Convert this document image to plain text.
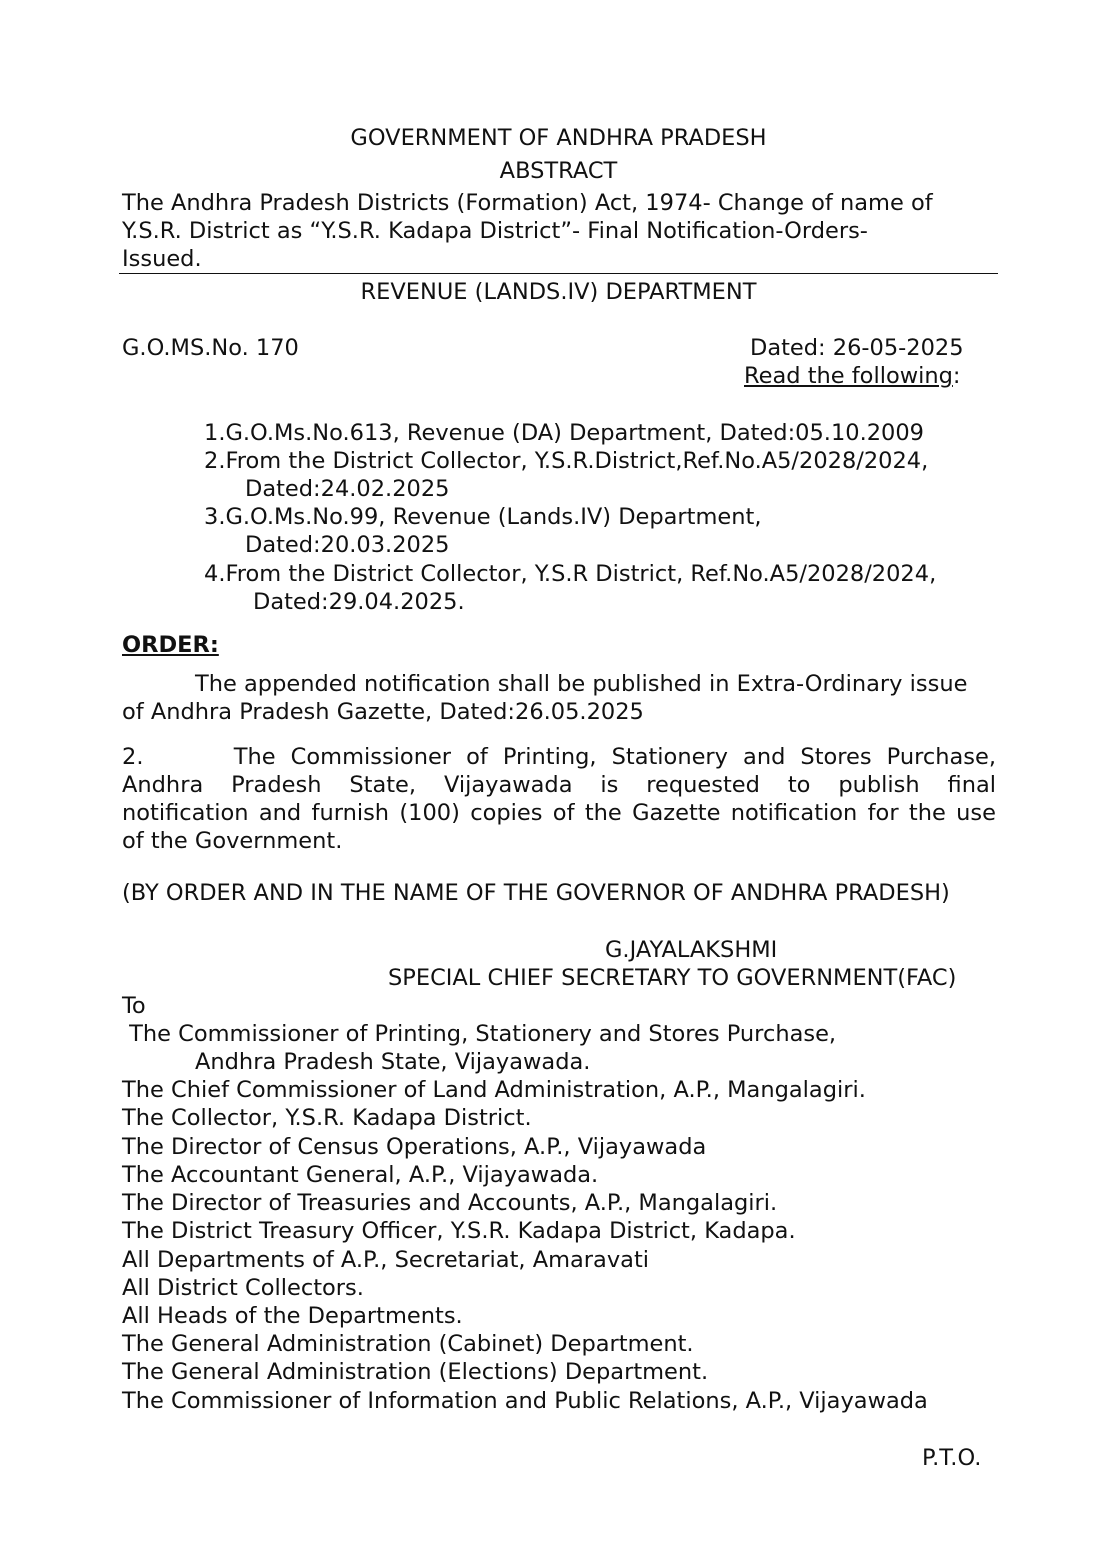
GOVERNMENT OF ANDHRA PRADESH
ABSTRACT
The Andhra Pradesh Districts (Formation) Act, 1974- Change of name of
Y.S.R. District as “Y.S.R. Kadapa District”- Final Notification-Orders-
Issued.
REVENUE (LANDS.IV) DEPARTMENT
G.O.MS.No. 170	Dated: 26-05-2025
Read the following:
1.G.O.Ms.No.613, Revenue (DA) Department, Dated:05.10.2009
2.From the District Collector, Y.S.R.District,Ref.No.A5/2028/2024,
Dated:24.02.2025
3.G.O.Ms.No.99, Revenue (Lands.IV) Department,
Dated:20.03.2025
4.From the District Collector, Y.S.R District, Ref.No.A5/2028/2024,
Dated:29.04.2025.
ORDER:
The appended notification shall be published in Extra-Ordinary issue
of Andhra Pradesh Gazette, Dated:26.05.2025
2.      The Commissioner of Printing, Stationery and Stores Purchase,
Andhra Pradesh State, Vijayawada is requested to publish final
notification and furnish (100) copies of the Gazette notification for the use
of the Government.
(BY ORDER AND IN THE NAME OF THE GOVERNOR OF ANDHRA PRADESH)
G.JAYALAKSHMI
SPECIAL CHIEF SECRETARY TO GOVERNMENT(FAC)
To
The Commissioner of Printing, Stationery and Stores Purchase,
Andhra Pradesh State, Vijayawada.
The Chief Commissioner of Land Administration, A.P., Mangalagiri.
The Collector, Y.S.R. Kadapa District.
The Director of Census Operations, A.P., Vijayawada
The Accountant General, A.P., Vijayawada.
The Director of Treasuries and Accounts, A.P., Mangalagiri.
The District Treasury Officer, Y.S.R. Kadapa District, Kadapa.
All Departments of A.P., Secretariat, Amaravati
All District Collectors.
All Heads of the Departments.
The General Administration (Cabinet) Department.
The General Administration (Elections) Department.
The Commissioner of Information and Public Relations, A.P., Vijayawada
P.T.O.
